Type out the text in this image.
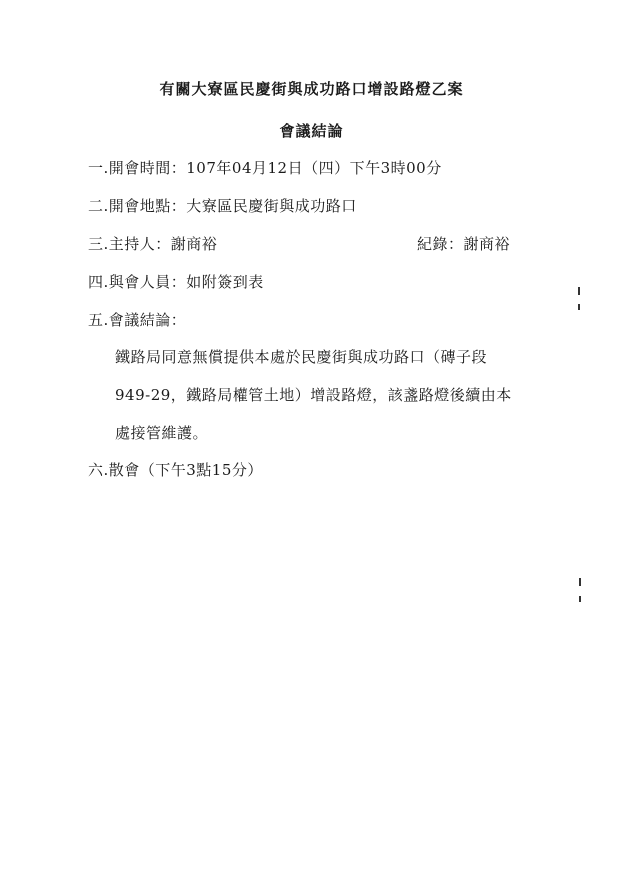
有關大寮區民慶街與成功路口增設路燈乙案
會議結論
一.開會時間：107年04月12日（四）下午3時00分
二.開會地點：大寮區民慶街與成功路口
三.主持人：謝商裕	紀錄：謝商裕
四.與會人員：如附簽到表
五.會議結論：
鐵路局同意無償提供本處於民慶街與成功路口（磚子段
949-29，鐵路局權管土地）增設路燈，該盞路燈後續由本
處接管維護。
六.散會（下午3點15分）
